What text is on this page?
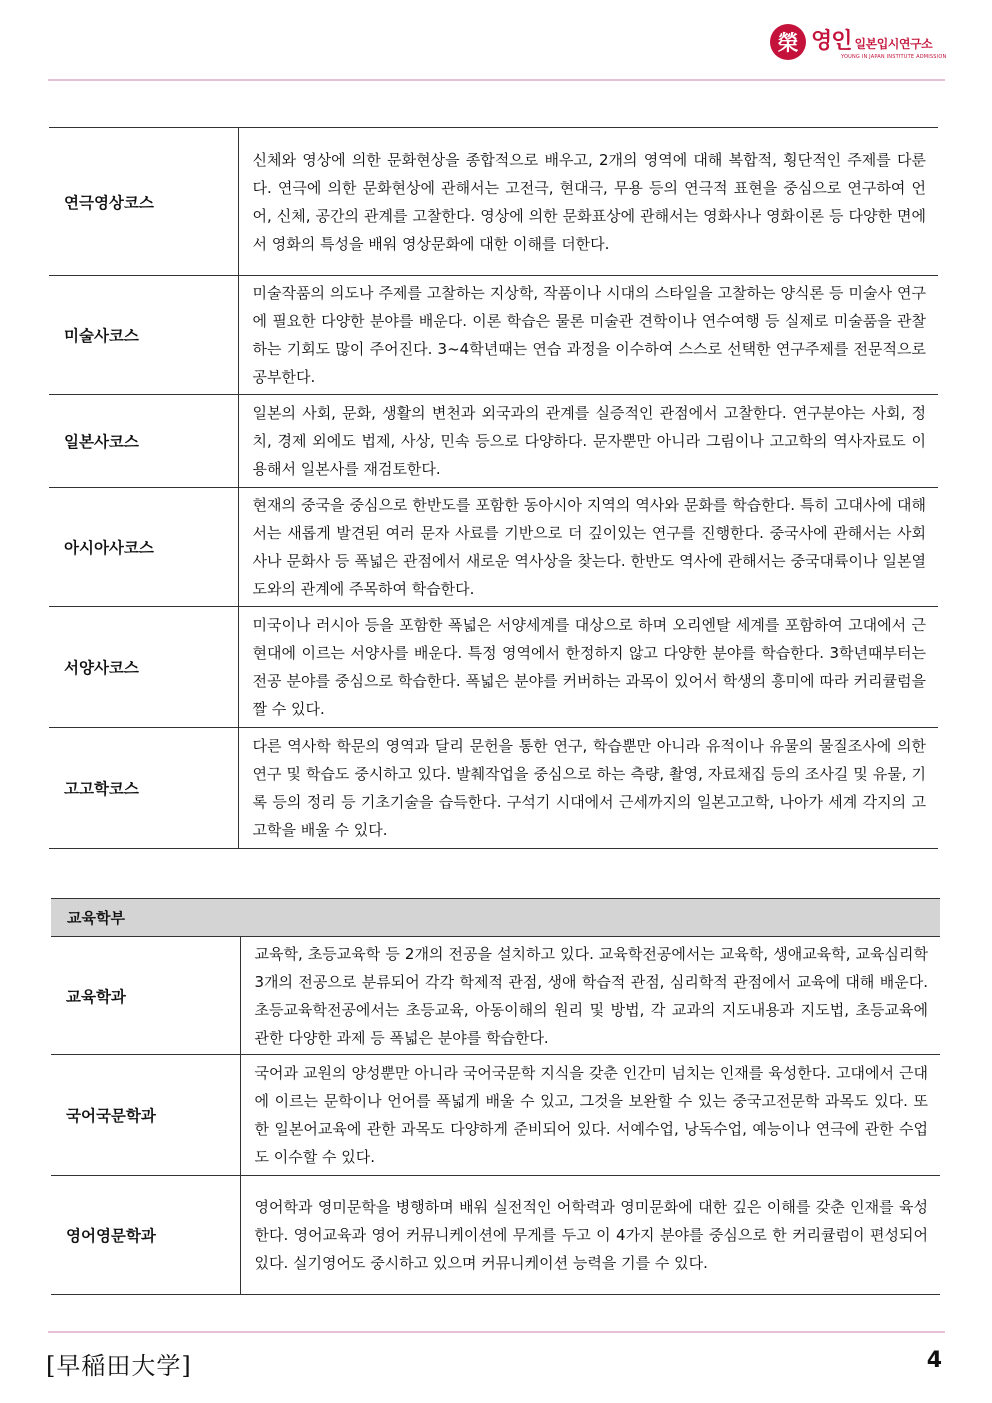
榮 영인 일본입시연구소
YOUNG IN JAPAN INSTITUTE ADMISSION
연극영상코스	신체와 영상에 의한 문화현상을 종합적으로 배우고, 2개의 영역에 대해 복합적, 횡단적인 주제를 다룬다. 연극에 의한 문화현상에 관해서는 고전극, 현대극, 무용 등의 연극적 표현을 중심으로 연구하여 언어, 신체, 공간의 관계를 고찰한다. 영상에 의한 문화표상에 관해서는 영화사나 영화이론 등 다양한 면에서 영화의 특성을 배워 영상문화에 대한 이해를 더한다.
미술사코스	미술작품의 의도나 주제를 고찰하는 지상학, 작품이나 시대의 스타일을 고찰하는 양식론 등 미술사 연구에 필요한 다양한 분야를 배운다. 이론 학습은 물론 미술관 견학이나 연수여행 등 실제로 미술품을 관찰하는 기회도 많이 주어진다. 3~4학년때는 연습 과정을 이수하여 스스로 선택한 연구주제를 전문적으로 공부한다.
일본사코스	일본의 사회, 문화, 생활의 변천과 외국과의 관계를 실증적인 관점에서 고찰한다. 연구분야는 사회, 정치, 경제 외에도 법제, 사상, 민속 등으로 다양하다. 문자뿐만 아니라 그림이나 고고학의 역사자료도 이용해서 일본사를 재검토한다.
아시아사코스	현재의 중국을 중심으로 한반도를 포함한 동아시아 지역의 역사와 문화를 학습한다. 특히 고대사에 대해서는 새롭게 발견된 여러 문자 사료를 기반으로 더 깊이있는 연구를 진행한다. 중국사에 관해서는 사회사나 문화사 등 폭넓은 관점에서 새로운 역사상을 찾는다. 한반도 역사에 관해서는 중국대륙이나 일본열도와의 관계에 주목하여 학습한다.
서양사코스	미국이나 러시아 등을 포함한 폭넓은 서양세계를 대상으로 하며 오리엔탈 세계를 포함하여 고대에서 근현대에 이르는 서양사를 배운다. 특정 영역에서 한정하지 않고 다양한 분야를 학습한다. 3학년때부터는 전공 분야를 중심으로 학습한다. 폭넓은 분야를 커버하는 과목이 있어서 학생의 흥미에 따라 커리큘럼을 짤 수 있다.
고고학코스	다른 역사학 학문의 영역과 달리 문헌을 통한 연구, 학습뿐만 아니라 유적이나 유물의 물질조사에 의한 연구 및 학습도 중시하고 있다. 발췌작업을 중심으로 하는 측량, 촬영, 자료채집 등의 조사길 및 유물, 기록 등의 정리 등 기초기술을 습득한다. 구석기 시대에서 근세까지의 일본고고학, 나아가 세계 각지의 고고학을 배울 수 있다.
교육학부	
교육학과	교육학, 초등교육학 등 2개의 전공을 설치하고 있다. 교육학전공에서는 교육학, 생애교육학, 교육심리학 3개의 전공으로 분류되어 각각 학제적 관점, 생애 학습적 관점, 심리학적 관점에서 교육에 대해 배운다. 초등교육학전공에서는 초등교육, 아동이해의 원리 및 방법, 각 교과의 지도내용과 지도법, 초등교육에 관한 다양한 과제 등 폭넓은 분야를 학습한다.
국어국문학과	국어과 교원의 양성뿐만 아니라 국어국문학 지식을 갖춘 인간미 넘치는 인재를 육성한다. 고대에서 근대에 이르는 문학이나 언어를 폭넓게 배울 수 있고, 그것을 보완할 수 있는 중국고전문학 과목도 있다. 또한 일본어교육에 관한 과목도 다양하게 준비되어 있다. 서예수업, 낭독수업, 예능이나 연극에 관한 수업도 이수할 수 있다.
영어영문학과	영어학과 영미문학을 병행하며 배워 실전적인 어학력과 영미문화에 대한 깊은 이해를 갖춘 인재를 육성한다. 영어교육과 영어 커뮤니케이션에 무게를 두고 이 4가지 분야를 중심으로 한 커리큘럼이 편성되어 있다. 실기영어도 중시하고 있으며 커뮤니케이션 능력을 기를 수 있다.
[早稲田大学]	4
